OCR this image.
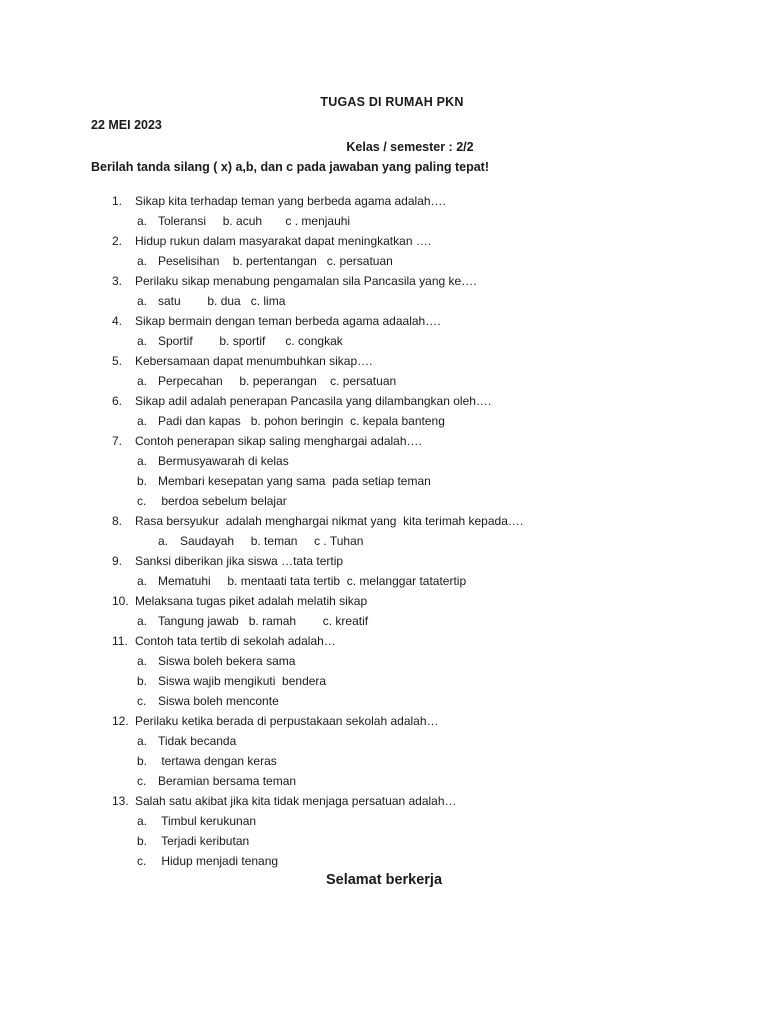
TUGAS DI RUMAH PKN
22 MEI 2023
Kelas / semester : 2/2
Berilah tanda silang ( x) a,b, dan c pada jawaban yang paling tepat!
1. Sikap kita terhadap teman yang berbeda agama adalah….
a. Toleransi     b. acuh       c . menjauhi
2. Hidup rukun dalam masyarakat dapat meningkatkan ….
a. Peselisihan    b. pertentangan   c. persatuan
3. Perilaku sikap menabung pengamalan sila Pancasila yang ke….
a. satu        b. dua   c. lima
4. Sikap bermain dengan teman berbeda agama adaalah….
a. Sportif        b. sportif      c. congkak
5. Kebersamaan dapat menumbuhkan sikap….
a. Perpecahan     b. peperangan    c. persatuan
6. Sikap adil adalah penerapan Pancasila yang dilambangkan oleh….
a. Padi dan kapas   b. pohon beringin  c. kepala banteng
7. Contoh penerapan sikap saling menghargai adalah….
a. Bermusyawarah di kelas
b. Membari kesepatan yang sama  pada setiap teman
c. berdoa sebelum belajar
8. Rasa bersyukur  adalah menghargai nikmat yang  kita terimah kepada….
a. Saudayah     b. teman     c . Tuhan
9. Sanksi diberikan jika siswa …tata tertip
a. Mematuhi     b. mentaati tata tertib  c. melanggar tatatertip
10. Melaksana tugas piket adalah melatih sikap
a. Tangung jawab   b. ramah        c. kreatif
11. Contoh tata tertib di sekolah adalah…
a. Siswa boleh bekera sama
b. Siswa wajib mengikuti  bendera
c. Siswa boleh menconte
12. Perilaku ketika berada di perpustakaan sekolah adalah…
a. Tidak becanda
b. tertawa dengan keras
c. Beramian bersama teman
13. Salah satu akibat jika kita tidak menjaga persatuan adalah…
a. Timbul kerukunan
b. Terjadi keributan
c. Hidup menjadi tenang
Selamat berkerja
